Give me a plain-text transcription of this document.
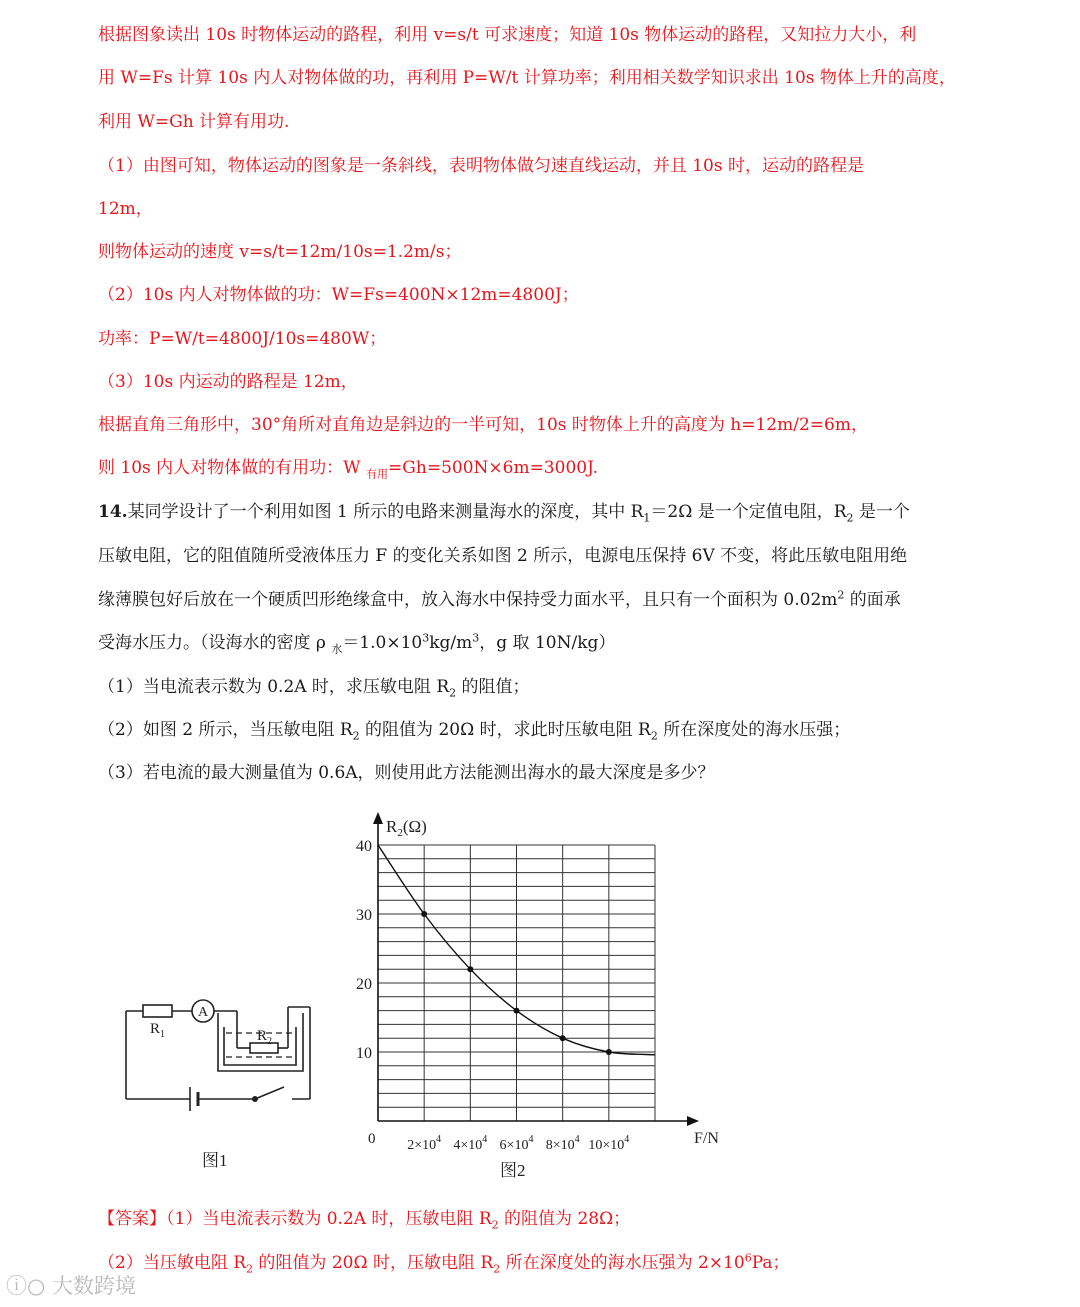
根据图象读出 10s 时物体运动的路程，利用 v=s/t 可求速度；知道 10s 物体运动的路程，又知拉力大小，利
用 W=Fs 计算 10s 内人对物体做的功，再利用 P=W/t 计算功率；利用相关数学知识求出 10s 物体上升的高度，
利用 W=Gh 计算有用功.
（1）由图可知，物体运动的图象是一条斜线，表明物体做匀速直线运动，并且 10s 时，运动的路程是
12m，
则物体运动的速度 v=s/t=12m/10s=1.2m/s；
（2）10s 内人对物体做的功：W=Fs=400N×12m=4800J；
功率：P=W/t=4800J/10s=480W；
（3）10s 内运动的路程是 12m，
根据直角三角形中，30°角所对直角边是斜边的一半可知，10s 时物体上升的高度为 h=12m/2=6m，
则 10s 内人对物体做的有用功：W $_{有用}$=Gh=500N×6m=3000J.
14.某同学设计了一个利用如图 1 所示的电路来测量海水的深度，其中 $R_1=2\Omega$ 是一个定值电阻，$R_2$ 是一个
压敏电阻，它的阻值随所受液体压力 F 的变化关系如图 2 所示，电源电压保持 6V 不变，将此压敏电阻用绝
缘薄膜包好后放在一个硬质凹形绝缘盒中，放入海水中保持受力面水平，且只有一个面积为 $0.02m^2$ 的面承
受海水压力。（设海水的密度 ρ $_水=1.0\times 10^3kg/m^3$，g 取 10N/kg）
（1）当电流表示数为 0.2A 时，求压敏电阻 $R_2$ 的阻值；
（2）如图 2 所示，当压敏电阻 $R_2$ 的阻值为 20Ω 时，求此时压敏电阻 $R_2$ 所在深度处的海水压强；
（3）若电流的最大测量值为 0.6A，则使用此方法能测出海水的最大深度是多少？
$R_1$
A
$R_2$
图1
40
30
20
10
$2\times 10^4$ $4\times 10^4$ $6\times 10^4$ $8\times 10^4$ $10\times 10^4$
$R_2(\Omega)$
F/N
0
图2
【答案】（1）当电流表示数为 0.2A 时，压敏电阻 $R_2$ 的阻值为 28Ω；
（2）当压敏电阻 $R_2$ 的阻值为 20Ω 时，压敏电阻 $R_2$ 所在深度处的海水压强为 $2\times 10^6Pa$；
ⓘ○ 大数跨境
